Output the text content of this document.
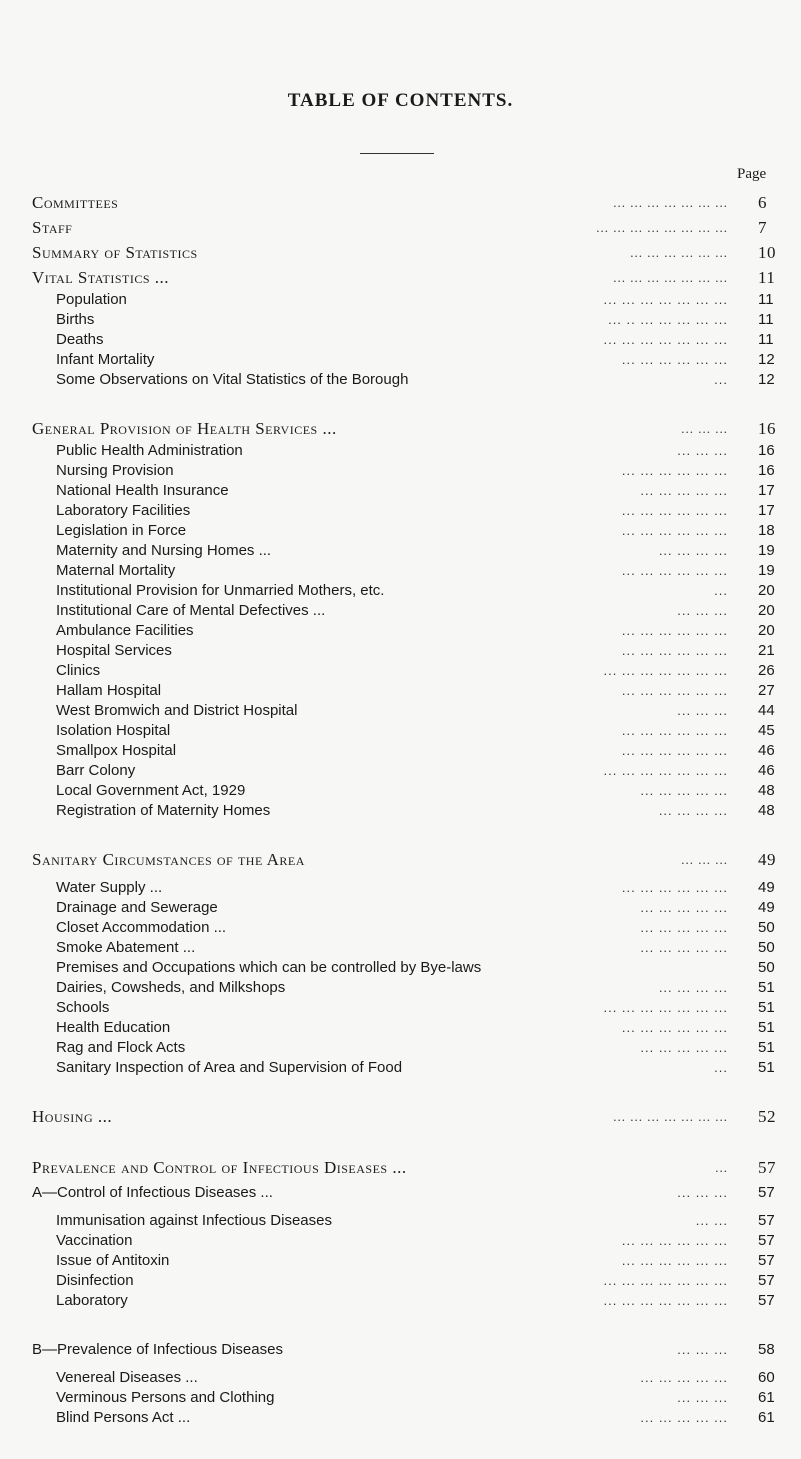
TABLE OF CONTENTS.
Page
Committees	... ... ... ... ... ... ... 6
Staff	... ... ... ... ... ... ... ... 7
Summary of Statistics	... ... ... ... ... ... 10
Vital Statistics ...	... ... ... ... ... ... ... 11
Population	... ... ... ... ... ... ... 11
Births	... .. ... ... ... ... ... 11
Deaths	... ... ... ... ... ... ... 11
Infant Mortality	... ... ... ... ... ... 12
Some Observations on Vital Statistics of the Borough	... 12
General Provision of Health Services ...	... ... ... 16
Public Health Administration	... ... ... 16
Nursing Provision	... ... ... ... ... ... 16
National Health Insurance	... ... ... ... ... 17
Laboratory Facilities	... ... ... ... ... ... 17
Legislation in Force	... ... ... ... ... ... 18
Maternity and Nursing Homes ...	... ... ... ... 19
Maternal Mortality	... ... ... ... ... ... 19
Institutional Provision for Unmarried Mothers, etc.	... 20
Institutional Care of Mental Defectives ...	... ... ... 20
Ambulance Facilities	... ... ... ... ... ... 20
Hospital Services	... ... ... ... ... ... 21
Clinics	... ... ... ... ... ... ... 26
Hallam Hospital	... ... ... ... ... ... 27
West Bromwich and District Hospital	... ... ... 44
Isolation Hospital	... ... ... ... ... ... 45
Smallpox Hospital	... ... ... ... ... ... 46
Barr Colony	... ... ... ... ... ... ... 46
Local Government Act, 1929	... ... ... ... ... 48
Registration of Maternity Homes	... ... ... ... 48
Sanitary Circumstances of the Area	... ... ... 49
Water Supply ...	... ... ... ... ... ... 49
Drainage and Sewerage	... ... ... ... ... 49
Closet Accommodation ...	... ... ... ... ... 50
Smoke Abatement ...	... ... ... ... ... 50
Premises and Occupations which can be controlled by Bye-laws	50
Dairies, Cowsheds, and Milkshops	... ... ... ... 51
Schools	... ... ... ... ... ... ... 51
Health Education	... ... ... ... ... ... 51
Rag and Flock Acts	... ... ... ... ... 51
Sanitary Inspection of Area and Supervision of Food	... 51
Housing ...	... ... ... ... ... ... ... 52
Prevalence and Control of Infectious Diseases ...	... 57
A—Control of Infectious Diseases ...	... ... ... 57
Immunisation against Infectious Diseases	... ... 57
Vaccination	... ... ... ... ... ... 57
Issue of Antitoxin	... ... ... ... ... ... 57
Disinfection	... ... ... ... ... ... ... 57
Laboratory	... ... ... ... ... ... ... 57
B—Prevalence of Infectious Diseases	... ... ... 58
Venereal Diseases ...	... ... ... ... ... 60
Verminous Persons and Clothing	... ... ... 61
Blind Persons Act ...	... ... ... ... ... 61
